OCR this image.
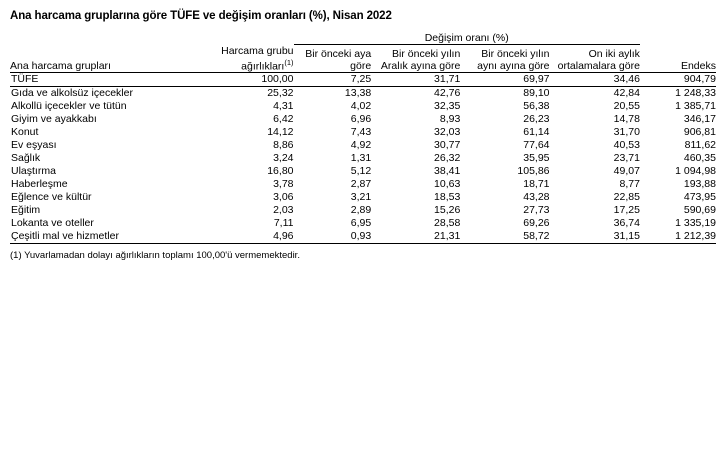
Ana harcama gruplarına göre TÜFE ve değişim oranları (%), Nisan 2022
		Değişim oranı (%)				

Ana harcama grupları	Harcama grubu ağırlıkları$^{(1)}$	Bir önceki aya göre	Bir önceki yılın Aralık ayına göre	Bir önceki yılın aynı ayına göre	On iki aylık ortalamalara göre	Endeks

TÜFE	100,00	7,25	31,71	69,97	34,46	904,79

Gıda ve alkolsüz içecekler	25,32	13,38	42,76	89,10	42,84	1 248,33
Alkollü içecekler ve tütün	4,31	4,02	32,35	56,38	20,55	1 385,71
Giyim ve ayakkabı	6,42	6,96	8,93	26,23	14,78	346,17
Konut	14,12	7,43	32,03	61,14	31,70	906,81
Ev eşyası	8,86	4,92	30,77	77,64	40,53	811,62
Sağlık	3,24	1,31	26,32	35,95	23,71	460,35
Ulaştırma	16,80	5,12	38,41	105,86	49,07	1 094,98
Haberleşme	3,78	2,87	10,63	18,71	8,77	193,88
Eğlence ve kültür	3,06	3,21	18,53	43,28	22,85	473,95
Eğitim	2,03	2,89	15,26	27,73	17,25	590,69
Lokanta ve oteller	7,11	6,95	28,58	69,26	36,74	1 335,19
Çeşitli mal ve hizmetler	4,96	0,93	21,31	58,72	31,15	1 212,39
(1) Yuvarlamadan dolayı ağırlıkların toplamı 100,00'ü vermemektedir.
